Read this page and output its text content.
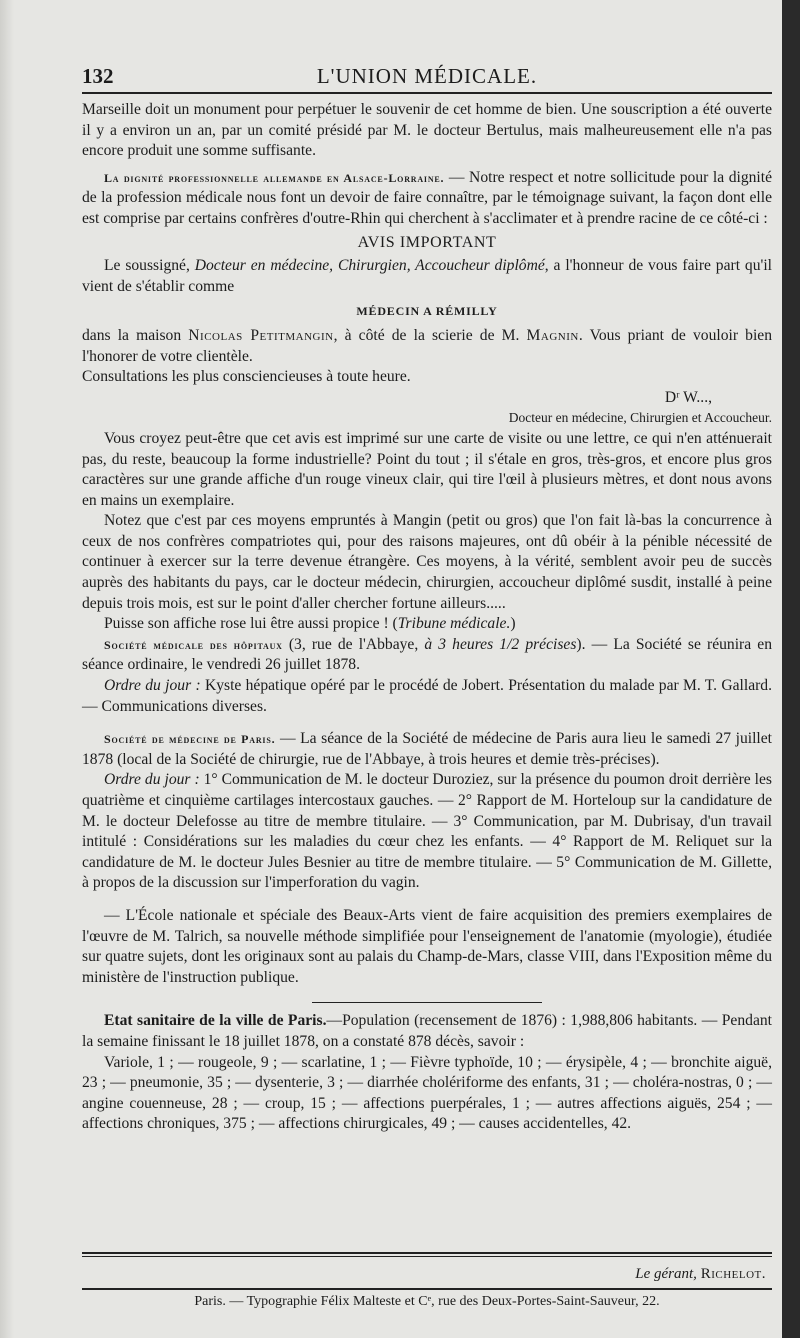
132	L'UNION MÉDICALE.

Marseille doit un monument pour perpétuer le souvenir de cet homme de bien. Une souscription a été ouverte il y a environ un an, par un comité présidé par M. le docteur Bertulus, mais malheureusement elle n'a pas encore produit une somme suffisante.

La dignité professionnelle allemande en Alsace-Lorraine. — Notre respect et notre sollicitude pour la dignité de la profession médicale nous font un devoir de faire connaître, par le témoignage suivant, la façon dont elle est comprise par certains confrères d'outre-Rhin qui cherchent à s'acclimater et à prendre racine de ce côté-ci :

AVIS IMPORTANT

Le soussigné, Docteur en médecine, Chirurgien, Accoucheur diplômé, a l'honneur de vous faire part qu'il vient de s'établir comme

MÉDECIN A RÉMILLY

dans la maison Nicolas Petitmangin, à côté de la scierie de M. Magnin. Vous priant de vouloir bien l'honorer de votre clientèle.

Consultations les plus consciencieuses à toute heure.

Dʳ W...,

Docteur en médecine, Chirurgien et Accoucheur.

Vous croyez peut-être que cet avis est imprimé sur une carte de visite ou une lettre, ce qui n'en atténuerait pas, du reste, beaucoup la forme industrielle? Point du tout ; il s'étale en gros, très-gros, et encore plus gros caractères sur une grande affiche d'un rouge vineux clair, qui tire l'œil à plusieurs mètres, et dont nous avons en mains un exemplaire.

Notez que c'est par ces moyens empruntés à Mangin (petit ou gros) que l'on fait là-bas la concurrence à ceux de nos confrères compatriotes qui, pour des raisons majeures, ont dû obéir à la pénible nécessité de continuer à exercer sur la terre devenue étrangère. Ces moyens, à la vérité, semblent avoir peu de succès auprès des habitants du pays, car le docteur médecin, chirurgien, accoucheur diplômé susdit, installé à peine depuis trois mois, est sur le point d'aller chercher fortune ailleurs.....

Puisse son affiche rose lui être aussi propice ! (Tribune médicale.)

Société médicale des hôpitaux (3, rue de l'Abbaye, à 3 heures 1/2 précises). — La Société se réunira en séance ordinaire, le vendredi 26 juillet 1878.

Ordre du jour : Kyste hépatique opéré par le procédé de Jobert. Présentation du malade par M. T. Gallard. — Communications diverses.

Société de médecine de Paris. — La séance de la Société de médecine de Paris aura lieu le samedi 27 juillet 1878 (local de la Société de chirurgie, rue de l'Abbaye, à trois heures et demie très-précises).

Ordre du jour : 1° Communication de M. le docteur Duroziez, sur la présence du poumon droit derrière les quatrième et cinquième cartilages intercostaux gauches. — 2° Rapport de M. Horteloup sur la candidature de M. le docteur Delefosse au titre de membre titulaire. — 3° Communication, par M. Dubrisay, d'un travail intitulé : Considérations sur les maladies du cœur chez les enfants. — 4° Rapport de M. Reliquet sur la candidature de M. le docteur Jules Besnier au titre de membre titulaire. — 5° Communication de M. Gillette, à propos de la discussion sur l'imperforation du vagin.

— L'École nationale et spéciale des Beaux-Arts vient de faire acquisition des premiers exemplaires de l'œuvre de M. Talrich, sa nouvelle méthode simplifiée pour l'enseignement de l'anatomie (myologie), étudiée sur quatre sujets, dont les originaux sont au palais du Champ-de-Mars, classe VIII, dans l'Exposition même du ministère de l'instruction publique.

Etat sanitaire de la ville de Paris.—Population (recensement de 1876) : 1,988,806 habitants. — Pendant la semaine finissant le 18 juillet 1878, on a constaté 878 décès, savoir :

Variole, 1 ; — rougeole, 9 ; — scarlatine, 1 ; — Fièvre typhoïde, 10 ; — érysipèle, 4 ; — bronchite aiguë, 23 ; — pneumonie, 35 ; — dysenterie, 3 ; — diarrhée cholériforme des enfants, 31 ; — choléra-nostras, 0 ; — angine couenneuse, 28 ; — croup, 15 ; — affections puerpérales, 1 ; — autres affections aiguës, 254 ; — affections chroniques, 375 ; — affections chirurgicales, 49 ; — causes accidentelles, 42.

Le gérant, Richelot.
Paris. — Typographie Félix Malteste et Cᵉ, rue des Deux-Portes-Saint-Sauveur, 22.
